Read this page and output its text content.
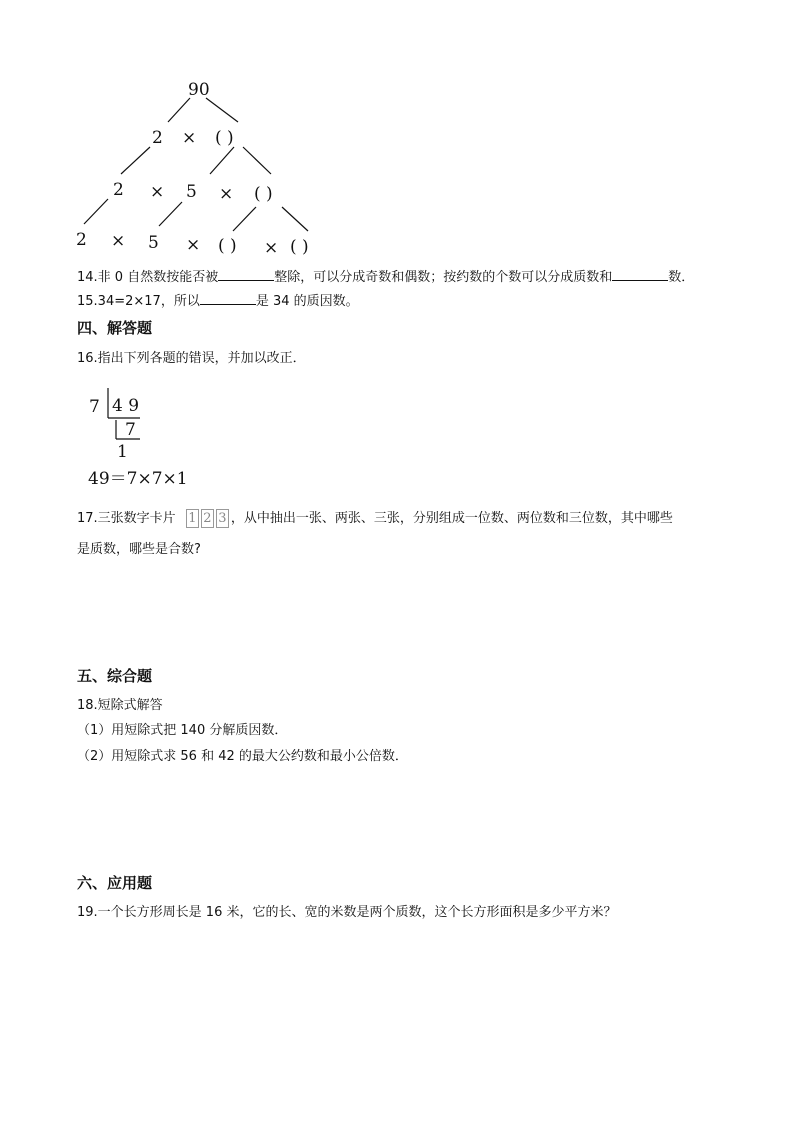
90
2 × ( )
2 × 5 × ( )
2 × 5 × ( ) × ( )
14.非 0 自然数按能否被	整除，可以分成奇数和偶数；按约数的个数可以分成质数和	数．
15.34=2×17，所以	是 34 的质因数。
四、解答题
16.指出下列各题的错误，并加以改正．
7 4 9
7
1
49＝7×7×1
17.三张数字卡片 1 2 3 ，从中抽出一张、两张、三张，分别组成一位数、两位数和三位数，其中哪些
是质数，哪些是合数?
五、综合题
18.短除式解答
（1）用短除式把 140 分解质因数．
（2）用短除式求 56 和 42 的最大公约数和最小公倍数．
六、应用题
19.一个长方形周长是 16 米，它的长、宽的米数是两个质数，这个长方形面积是多少平方米？
